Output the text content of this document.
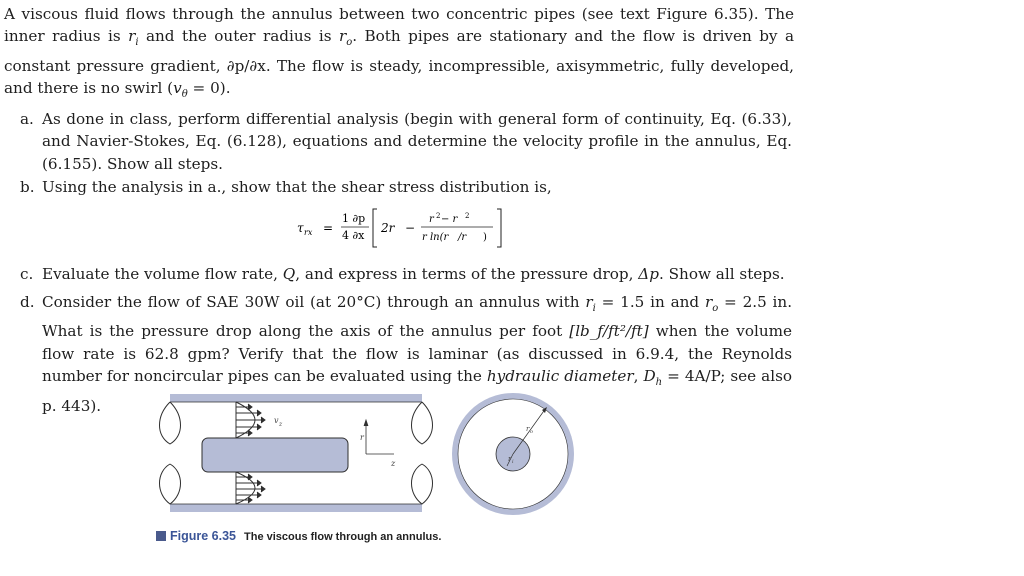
A viscous fluid flows through the annulus between two concentric pipes (see text Figure 6.35). The inner radius is $r_i$ and the outer radius is $r_o$. Both pipes are stationary and the flow is driven by a constant pressure gradient, ∂p/∂x. The flow is steady, incompressible, axisymmetric, fully developed, and there is no swirl $(v_\theta = 0)$.
a. As done in class, perform differential analysis (begin with general form of continuity, Eq. (6.33), and Navier-Stokes, Eq. (6.128), equations and determine the velocity profile in the annulus, Eq. (6.155). Show all steps.
b. Using the analysis in a., show that the shear stress distribution is,
τ rx =
1 ∂p
4 ∂x
2r −
r 2 − r 2
r ln(r /r )
c. Evaluate the volume flow rate, Q, and express in terms of the pressure drop, Δp. Show all steps.
d. Consider the flow of SAE 30W oil (at 20°C) through an annulus with $r_i = 1.5$ in and $r_o = 2.5$ in. What is the pressure drop along the axis of the annulus per foot [lb_f/ft²/ft] when the volume flow rate is 62.8 gpm? Verify that the flow is laminar (as discussed in 6.9.4, the Reynolds number for noncircular pipes can be evaluated using the hydraulic diameter, $D_h = 4A/P$; see also p. 443).
v z
r
z
r o
r i
Figure 6.35 The viscous flow through an annulus.
